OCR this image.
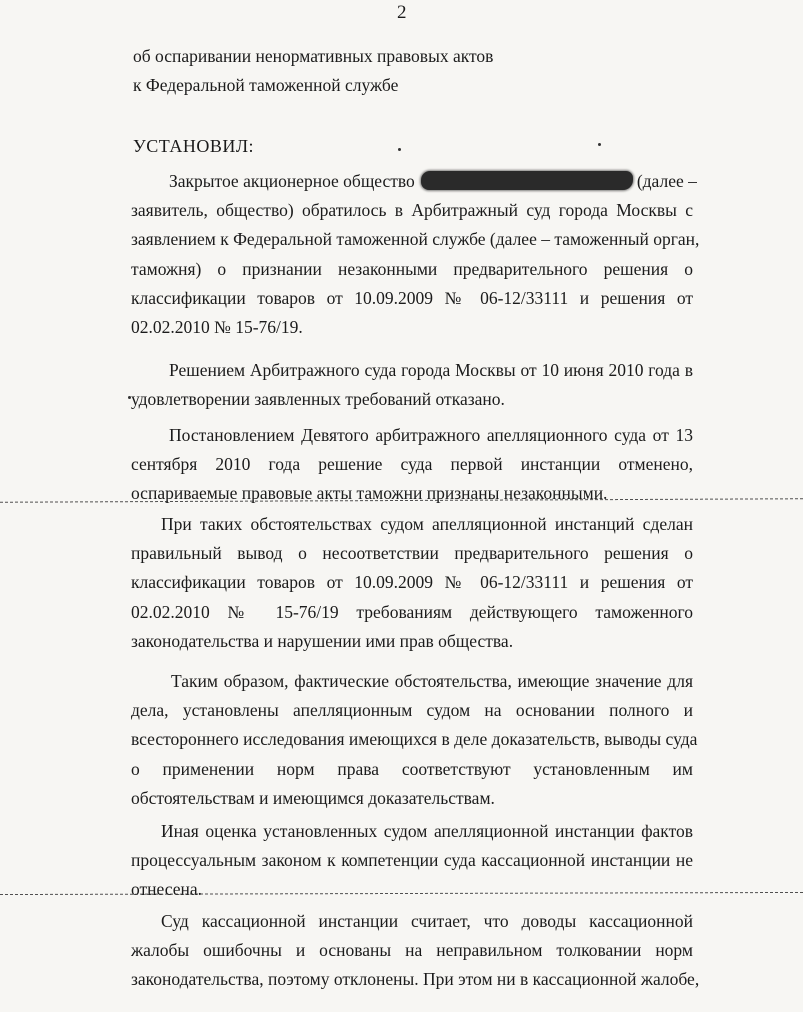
2
об оспаривании ненормативных правовых актов
к Федеральной таможенной службе
УСТАНОВИЛ:
Закрытое акционерное общество	(далее –
заявитель, общество) обратилось в Арбитражный суд города Москвы с
заявлением к Федеральной таможенной службе (далее – таможенный орган,
таможня) о признании незаконными предварительного решения о
классификации товаров от 10.09.2009 № 06-12/33111 и решения от
02.02.2010 № 15-76/19.
Решением Арбитражного суда города Москвы от 10 июня 2010 года в
удовлетворении заявленных требований отказано.
Постановлением Девятого арбитражного апелляционного суда от 13
сентября 2010 года решение суда первой инстанции отменено,
оспариваемые правовые акты таможни признаны незаконными.
При таких обстоятельствах судом апелляционной инстанций сделан
правильный вывод о несоответствии предварительного решения о
классификации товаров от 10.09.2009 № 06-12/33111 и решения от
02.02.2010 № 15-76/19 требованиям действующего таможенного
законодательства и нарушении ими прав общества.
Таким образом, фактические обстоятельства, имеющие значение для
дела, установлены апелляционным судом на основании полного и
всестороннего исследования имеющихся в деле доказательств, выводы суда
о применении норм права соответствуют установленным им
обстоятельствам и имеющимся доказательствам.
Иная оценка установленных судом апелляционной инстанции фактов
процессуальным законом к компетенции суда кассационной инстанции не
отнесена.
Суд кассационной инстанции считает, что доводы кассационной
жалобы ошибочны и основаны на неправильном толковании норм
законодательства, поэтому отклонены. При этом ни в кассационной жалобе,
